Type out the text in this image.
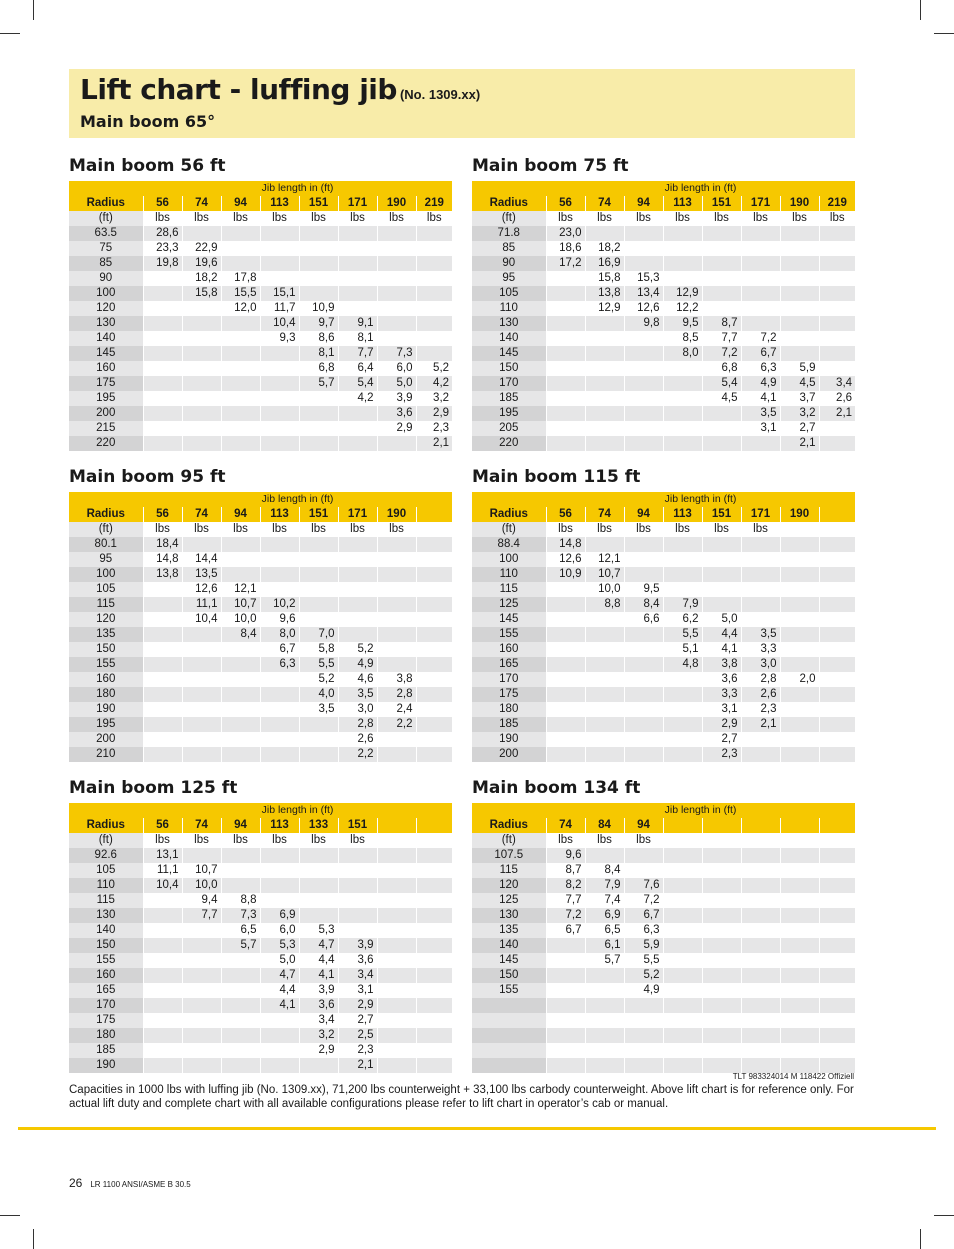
Lift chart - luffing jib (No. 1309.xx)
Main boom 65°
Main boom 56 ft
	Jib length in (ft)							
Radius	56	74	94	113	151	171	190	219
(ft)	lbs	lbs	lbs	lbs	lbs	lbs	lbs	lbs
63.5	28,6							
75	23,3	22,9						
85	19,8	19,6						
90		18,2	17,8					
100		15,8	15,5	15,1				
120			12,0	11,7	10,9			
130				10,4	9,7	9,1		
140				9,3	8,6	8,1		
145					8,1	7,7	7,3	
160					6,8	6,4	6,0	5,2
175					5,7	5,4	5,0	4,2
195						4,2	3,9	3,2
200							3,6	2,9
215							2,9	2,3
220								2,1
Main boom 75 ft
	Jib length in (ft)							
Radius	56	74	94	113	151	171	190	219
(ft)	lbs	lbs	lbs	lbs	lbs	lbs	lbs	lbs
71.8	23,0							
85	18,6	18,2						
90	17,2	16,9						
95		15,8	15,3					
105		13,8	13,4	12,9				
110		12,9	12,6	12,2				
130			9,8	9,5	8,7			
140				8,5	7,7	7,2		
145				8,0	7,2	6,7		
150					6,8	6,3	5,9	
170					5,4	4,9	4,5	3,4
185					4,5	4,1	3,7	2,6
195						3,5	3,2	2,1
205						3,1	2,7	
220							2,1	
Main boom 95 ft
	Jib length in (ft)							
Radius	56	74	94	113	151	171	190	
(ft)	lbs	lbs	lbs	lbs	lbs	lbs	lbs	
80.1	18,4							
95	14,8	14,4						
100	13,8	13,5						
105		12,6	12,1					
115		11,1	10,7	10,2				
120		10,4	10,0	9,6				
135			8,4	8,0	7,0			
150				6,7	5,8	5,2		
155				6,3	5,5	4,9		
160					5,2	4,6	3,8	
180					4,0	3,5	2,8	
190					3,5	3,0	2,4	
195						2,8	2,2	
200						2,6		
210						2,2		
Main boom 115 ft
	Jib length in (ft)							
Radius	56	74	94	113	151	171	190	
(ft)	lbs	lbs	lbs	lbs	lbs	lbs		
88.4	14,8							
100	12,6	12,1						
110	10,9	10,7						
115		10,0	9,5					
125		8,8	8,4	7,9				
145			6,6	6,2	5,0			
155				5,5	4,4	3,5		
160				5,1	4,1	3,3		
165				4,8	3,8	3,0		
170					3,6	2,8	2,0	
175					3,3	2,6		
180					3,1	2,3		
185					2,9	2,1		
190					2,7			
200					2,3			
Main boom 125 ft
	Jib length in (ft)							
Radius	56	74	94	113	133	151		
(ft)	lbs	lbs	lbs	lbs	lbs	lbs		
92.6	13,1							
105	11,1	10,7						
110	10,4	10,0						
115		9,4	8,8					
130		7,7	7,3	6,9				
140			6,5	6,0	5,3			
150			5,7	5,3	4,7	3,9		
155				5,0	4,4	3,6		
160				4,7	4,1	3,4		
165				4,4	3,9	3,1		
170				4,1	3,6	2,9		
175					3,4	2,7		
180					3,2	2,5		
185					2,9	2,3		
190						2,1		
Main boom 134 ft
	Jib length in (ft)							
Radius	74	84	94					
(ft)	lbs	lbs	lbs					
107.5	9,6							
115	8,7	8,4						
120	8,2	7,9	7,6					
125	7,7	7,4	7,2					
130	7,2	6,9	6,7					
135	6,7	6,5	6,3					
140		6,1	5,9					
145		5,7	5,5					
150			5,2					
155			4,9					

TLT 983324014 M 118422 Offiziell
Capacities in 1000 lbs with luffing jib (No. 1309.xx), 71,200 lbs counterweight + 33,100 lbs carbody counterweight. Above lift chart is for reference only. For actual lift duty and complete chart with all available configurations please refer to lift chart in operator’s cab or manual.
26 LR 1100 ANSI/ASME B 30.5
